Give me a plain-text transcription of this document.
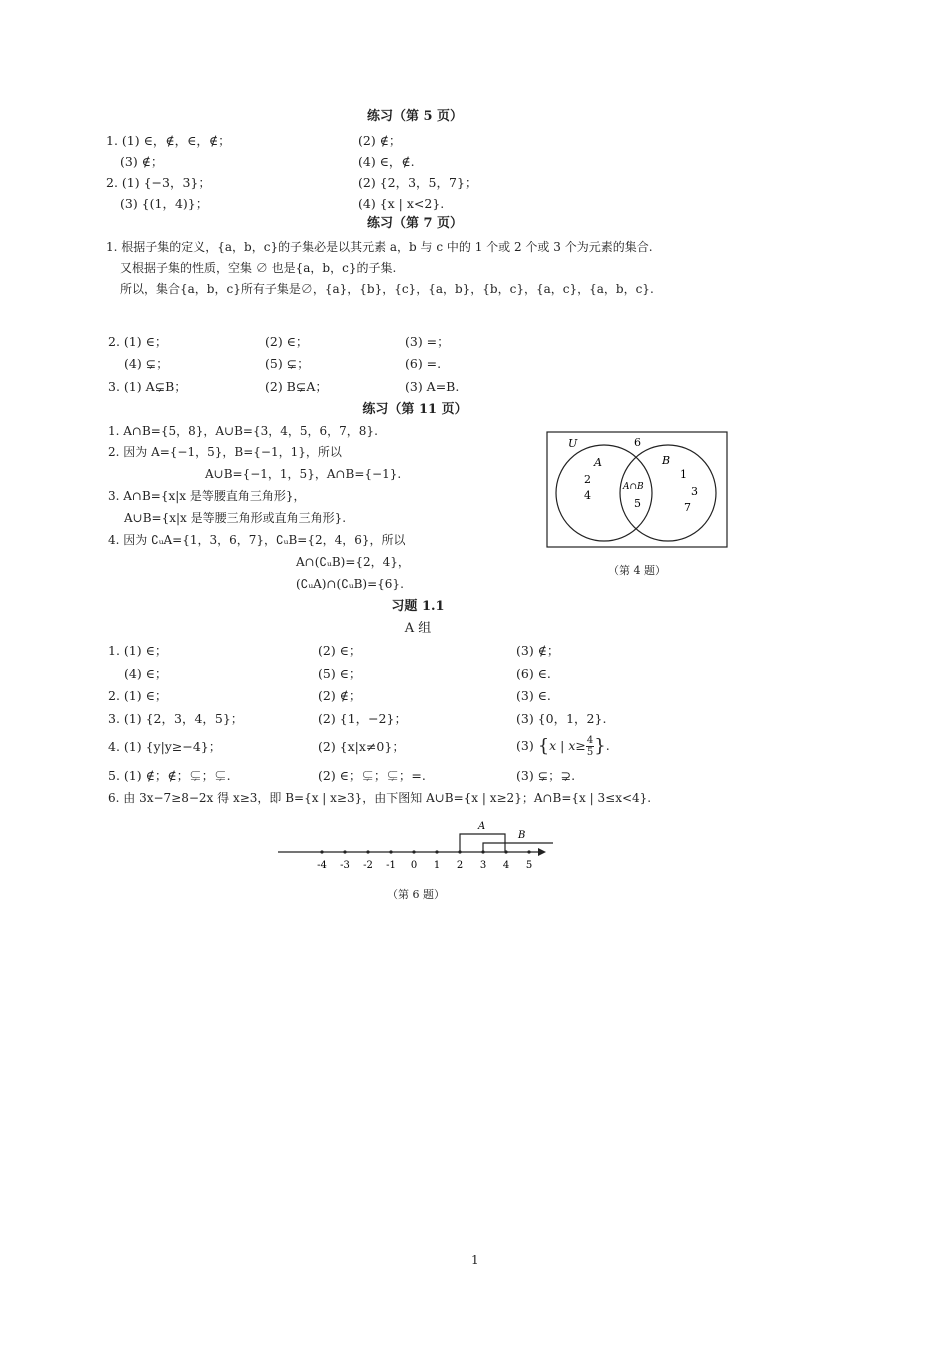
练习（第 5 页）
1. (1) ∈，∉，∈，∉；	(2) ∉；
(3) ∉；	(4) ∈，∉.
2. (1) {−3，3}；	(2) {2，3，5，7}；
(3) {(1，4)}；	(4) {x | x<2}.
练习（第 7 页）
1. 根据子集的定义，{a，b，c}的子集必是以其元素 a，b 与 c 中的 1 个或 2 个或 3 个为元素的集合.
又根据子集的性质，空集 ∅ 也是{a，b，c}的子集.
所以，集合{a，b，c}所有子集是∅，{a}，{b}，{c}，{a，b}，{b，c}，{a，c}，{a，b，c}.
2. (1) ∈；	(2) ∈；	(3) =；
(4) ⊊；	(5) ⊊；	(6) =.
3. (1) A⊊B；	(2) B⊊A；	(3) A=B.
练习（第 11 页）
1. A∩B={5，8}，A∪B={3，4，5，6，7，8}.
2. 因为 A={−1，5}，B={−1，1}，所以
A∪B={−1，1，5}，A∩B={−1}.
3. A∩B={x|x 是等腰直角三角形}，
A∪B={x|x 是等腰三角形或直角三角形}.
4. 因为 ∁ᵤA={1，3，6，7}，∁ᵤB={2，4，6}，所以
A∩(∁ᵤB)={2，4}，
(∁ᵤA)∩(∁ᵤB)={6}.
U	6
A	B
2
4
A∩B
5
1
3
7
（第 4 题）
习题 1.1
A 组
1. (1) ∈；	(2) ∈；	(3) ∉；
(4) ∈；	(5) ∈；	(6) ∈.
2. (1) ∈；	(2) ∉；	(3) ∈.
3. (1) {2，3，4，5}；	(2) {1，−2}；	(3) {0，1，2}.
4. (1) {y|y≥−4}；	(2) {x|x≠0}；	(3) {x | $x\ge \frac{4}{5}$ }.
5. (1) ∉；∉；⊊；⊊.	(2) ∈；⊊；⊊；=.	(3) ⊊；⊋.
6. 由 3x−7≥8−2x 得 x≥3，即 B={x | x≥3}，由下图知 A∪B={x | x≥2}；A∩B={x | 3≤x<4}.
A
B
-4 -3 -2 -1 0 1 2 3 4 5
（第 6 题）
1
